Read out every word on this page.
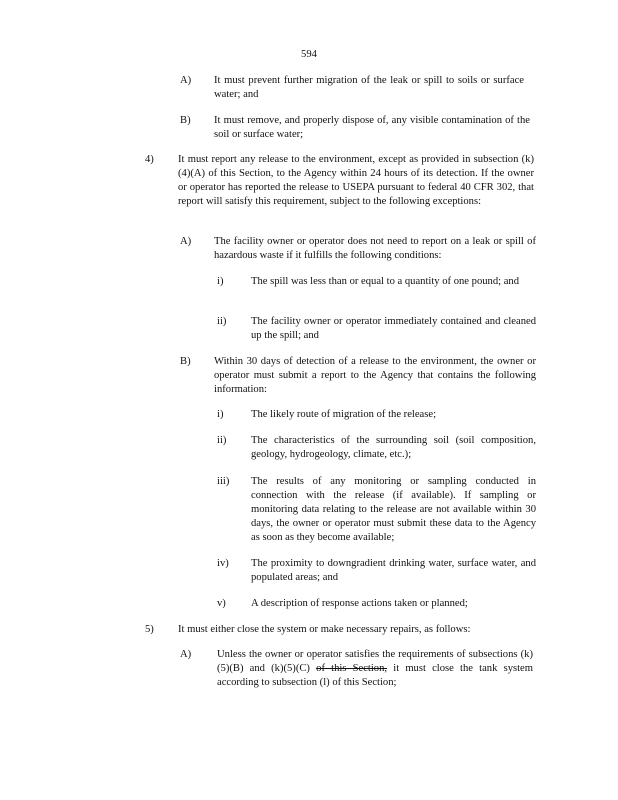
594
A) It must prevent further migration of the leak or spill to soils or surface water; and
B) It must remove, and properly dispose of, any visible contamination of the soil or surface water;
4) It must report any release to the environment, except as provided in subsection (k)(4)(A) of this Section, to the Agency within 24 hours of its detection. If the owner or operator has reported the release to USEPA pursuant to federal 40 CFR 302, that report will satisfy this requirement, subject to the following exceptions:
A) The facility owner or operator does not need to report on a leak or spill of hazardous waste if it fulfills the following conditions:
i)	The spill was less than or equal to a quantity of one pound; and
ii) The facility owner or operator immediately contained and cleaned up the spill; and
B) Within 30 days of detection of a release to the environment, the owner or operator must submit a report to the Agency that contains the following information:
i)	The likely route of migration of the release;
ii) The characteristics of the surrounding soil (soil composition, geology, hydrogeology, climate, etc.);
iii) The results of any monitoring or sampling conducted in connection with the release (if available). If sampling or monitoring data relating to the release are not available within 30 days, the owner or operator must submit these data to the Agency as soon as they become available;
iv) The proximity to downgradient drinking water, surface water, and populated areas; and
v) A description of response actions taken or planned;
5) It must either close the system or make necessary repairs, as follows:
A) Unless the owner or operator satisfies the requirements of subsections (k)(5)(B) and (k)(5)(C) of this Section, it must close the tank system according to subsection (l) of this Section;
